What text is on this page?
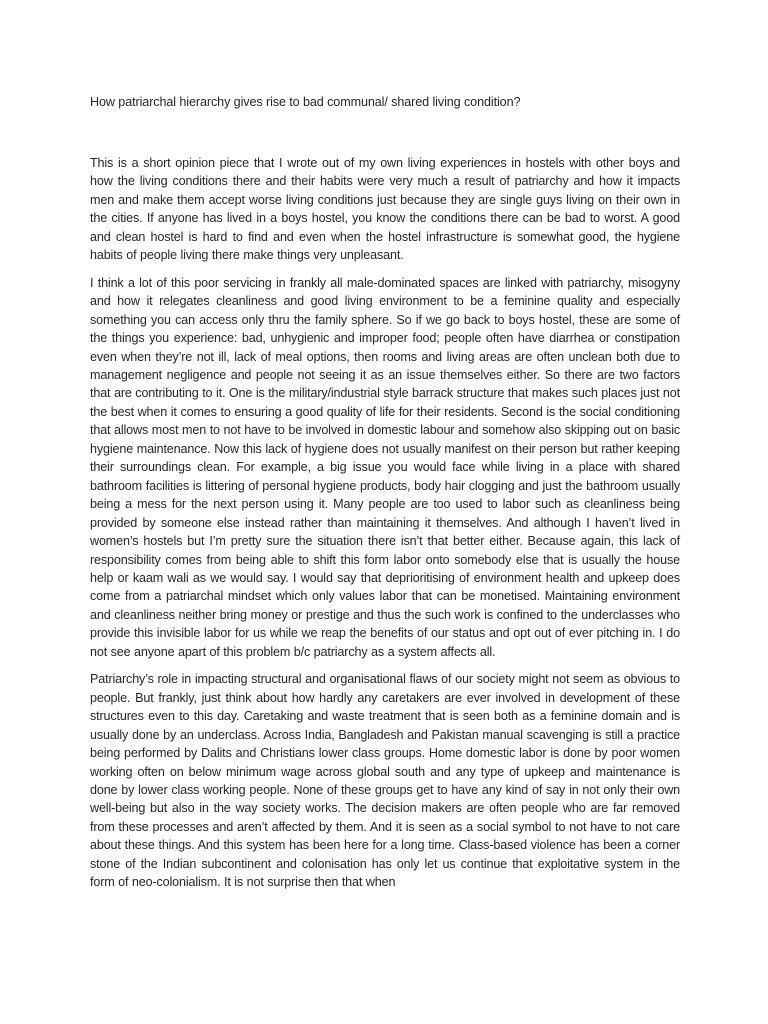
How patriarchal hierarchy gives rise to bad communal/ shared living condition?

This is a short opinion piece that I wrote out of my own living experiences in hostels with other boys and how the living conditions there and their habits were very much a result of patriarchy and how it impacts men and make them accept worse living conditions just because they are single guys living on their own in the cities. If anyone has lived in a boys hostel, you know the conditions there can be bad to worst. A good and clean hostel is hard to find and even when the hostel infrastructure is somewhat good, the hygiene habits of people living there make things very unpleasant.

I think a lot of this poor servicing in frankly all male-dominated spaces are linked with patriarchy, misogyny and how it relegates cleanliness and good living environment to be a feminine quality and especially something you can access only thru the family sphere. So if we go back to boys hostel, these are some of the things you experience: bad, unhygienic and improper food; people often have diarrhea or constipation even when they’re not ill, lack of meal options, then rooms and living areas are often unclean both due to management negligence and people not seeing it as an issue themselves either. So there are two factors that are contributing to it. One is the military/industrial style barrack structure that makes such places just not the best when it comes to ensuring a good quality of life for their residents. Second is the social conditioning that allows most men to not have to be involved in domestic labour and somehow also skipping out on basic hygiene maintenance. Now this lack of hygiene does not usually manifest on their person but rather keeping their surroundings clean. For example, a big issue you would face while living in a place with shared bathroom facilities is littering of personal hygiene products, body hair clogging and just the bathroom usually being a mess for the next person using it. Many people are too used to labor such as cleanliness being provided by someone else instead rather than maintaining it themselves. And although I haven’t lived in women’s hostels but I’m pretty sure the situation there isn’t that better either. Because again, this lack of responsibility comes from being able to shift this form labor onto somebody else that is usually the house help or kaam wali as we would say. I would say that deprioritising of environment health and upkeep does come from a patriarchal mindset which only values labor that can be monetised. Maintaining environment and cleanliness neither bring money or prestige and thus the such work is confined to the underclasses who provide this invisible labor for us while we reap the benefits of our status and opt out of ever pitching in. I do not see anyone apart of this problem b/c patriarchy as a system affects all.

Patriarchy’s role in impacting structural and organisational flaws of our society might not seem as obvious to people. But frankly, just think about how hardly any caretakers are ever involved in development of these structures even to this day. Caretaking and waste treatment that is seen both as a feminine domain and is usually done by an underclass. Across India, Bangladesh and Pakistan manual scavenging is still a practice being performed by Dalits and Christians lower class groups. Home domestic labor is done by poor women working often on below minimum wage across global south and any type of upkeep and maintenance is done by lower class working people. None of these groups get to have any kind of say in not only their own well-being but also in the way society works. The decision makers are often people who are far removed from these processes and aren’t affected by them. And it is seen as a social symbol to not have to not care about these things. And this system has been here for a long time. Class-based violence has been a corner stone of the Indian subcontinent and colonisation has only let us continue that exploitative system in the form of neo-colonialism. It is not surprise then that when
